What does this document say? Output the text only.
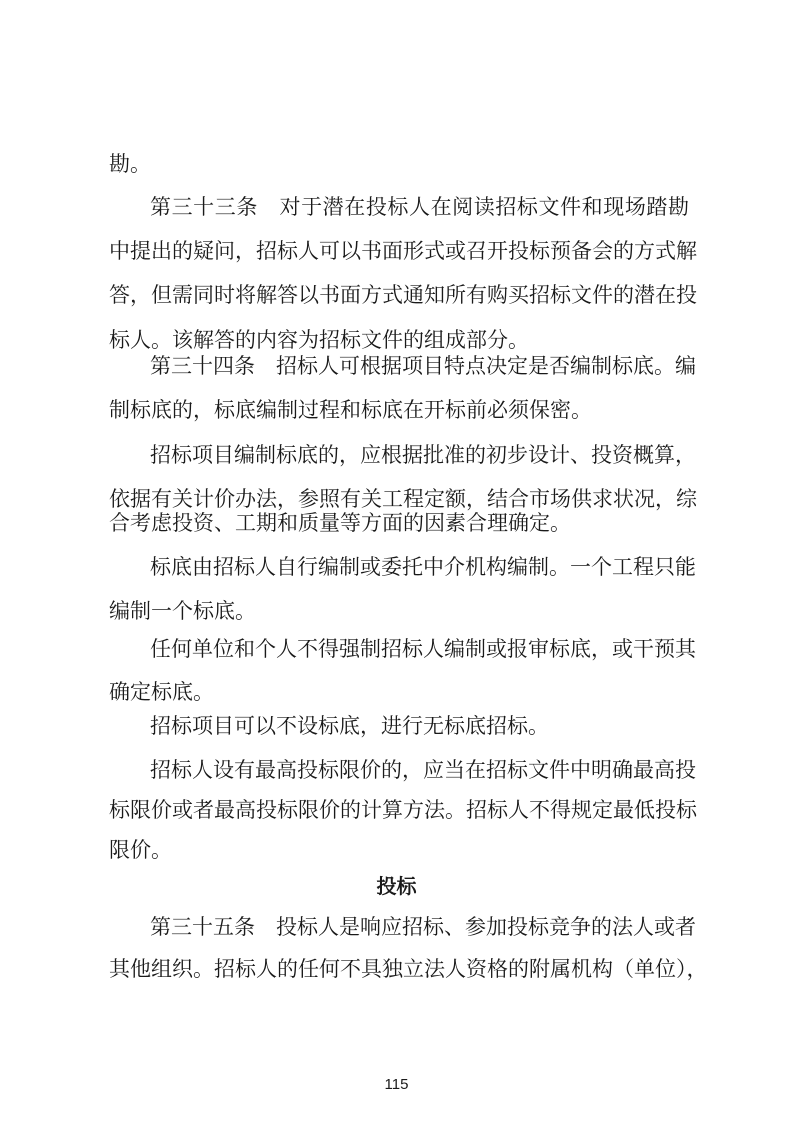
勘。
第三十三条　对于潜在投标人在阅读招标文件和现场踏勘
中提出的疑问，招标人可以书面形式或召开投标预备会的方式解
答，但需同时将解答以书面方式通知所有购买招标文件的潜在投
标人。该解答的内容为招标文件的组成部分。
第三十四条　招标人可根据项目特点决定是否编制标底。编
制标底的，标底编制过程和标底在开标前必须保密。
招标项目编制标底的，应根据批准的初步设计、投资概算，
依据有关计价办法，参照有关工程定额，结合市场供求状况，综
合考虑投资、工期和质量等方面的因素合理确定。
标底由招标人自行编制或委托中介机构编制。一个工程只能
编制一个标底。
任何单位和个人不得强制招标人编制或报审标底，或干预其
确定标底。
招标项目可以不设标底，进行无标底招标。
招标人设有最高投标限价的，应当在招标文件中明确最高投
标限价或者最高投标限价的计算方法。招标人不得规定最低投标
限价。
投标
第三十五条　投标人是响应招标、参加投标竞争的法人或者
其他组织。招标人的任何不具独立法人资格的附属机构（单位），
115
